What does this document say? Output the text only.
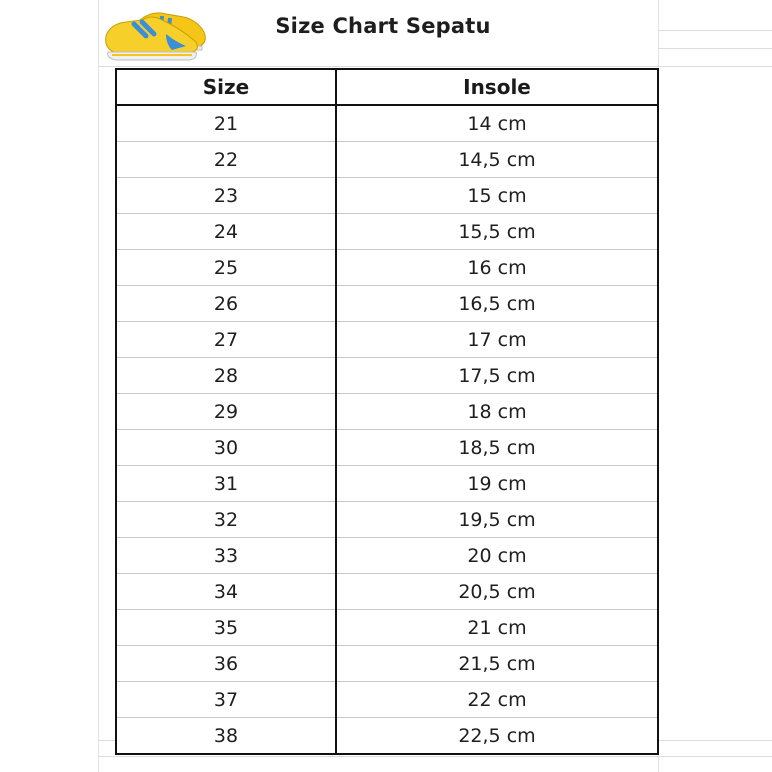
Size Chart Sepatu
Size	Insole
21	14 cm
22	14,5 cm
23	15 cm
24	15,5 cm
25	16 cm
26	16,5 cm
27	17 cm
28	17,5 cm
29	18 cm
30	18,5 cm
31	19 cm
32	19,5 cm
33	20 cm
34	20,5 cm
35	21 cm
36	21,5 cm
37	22 cm
38	22,5 cm
